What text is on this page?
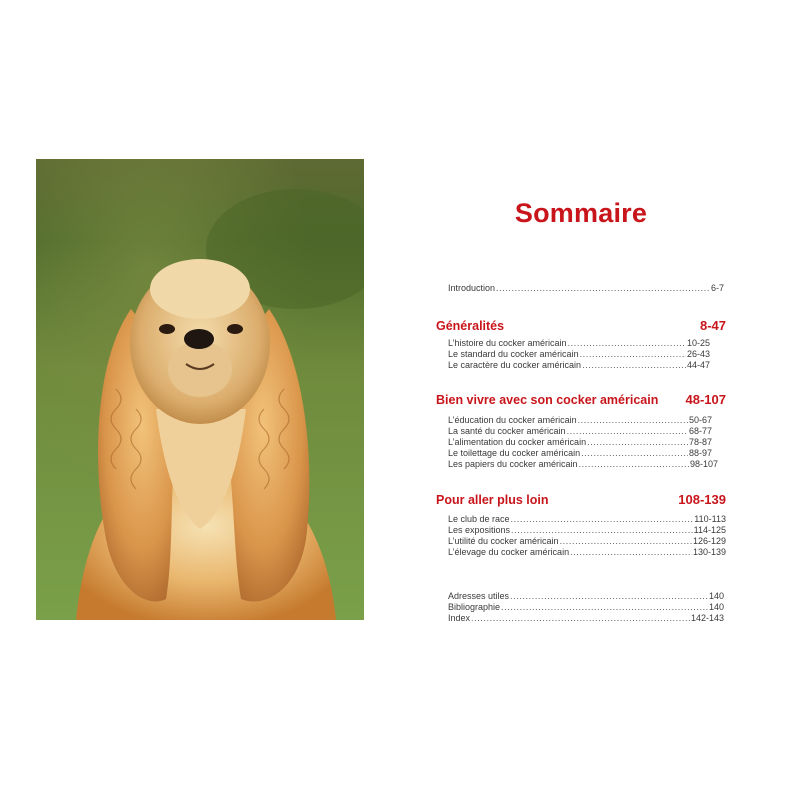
Sommaire
Introduction .....	6-7
Généralités	8-47
L’histoire du cocker américain .....	10-25
Le standard du cocker américain .....	26-43
Le caractère du cocker américain .....	44-47
Bien vivre avec son cocker américain 48-107
L’éducation du cocker américain .....	50-67
La santé du cocker américain .....	68-77
L’alimentation du cocker américain .....	78-87
Le toilettage du cocker américain .....	88-97
Les papiers du cocker américain .....	98-107
Pour aller plus loin	108-139
Le club de race .....	110-113
Les expositions .....	114-125
L’utilité du cocker américain .....	126-129
L’élevage du cocker américain .....	130-139
Adresses utiles .....	140
Bibliographie .....	140
Index .....	142-143
